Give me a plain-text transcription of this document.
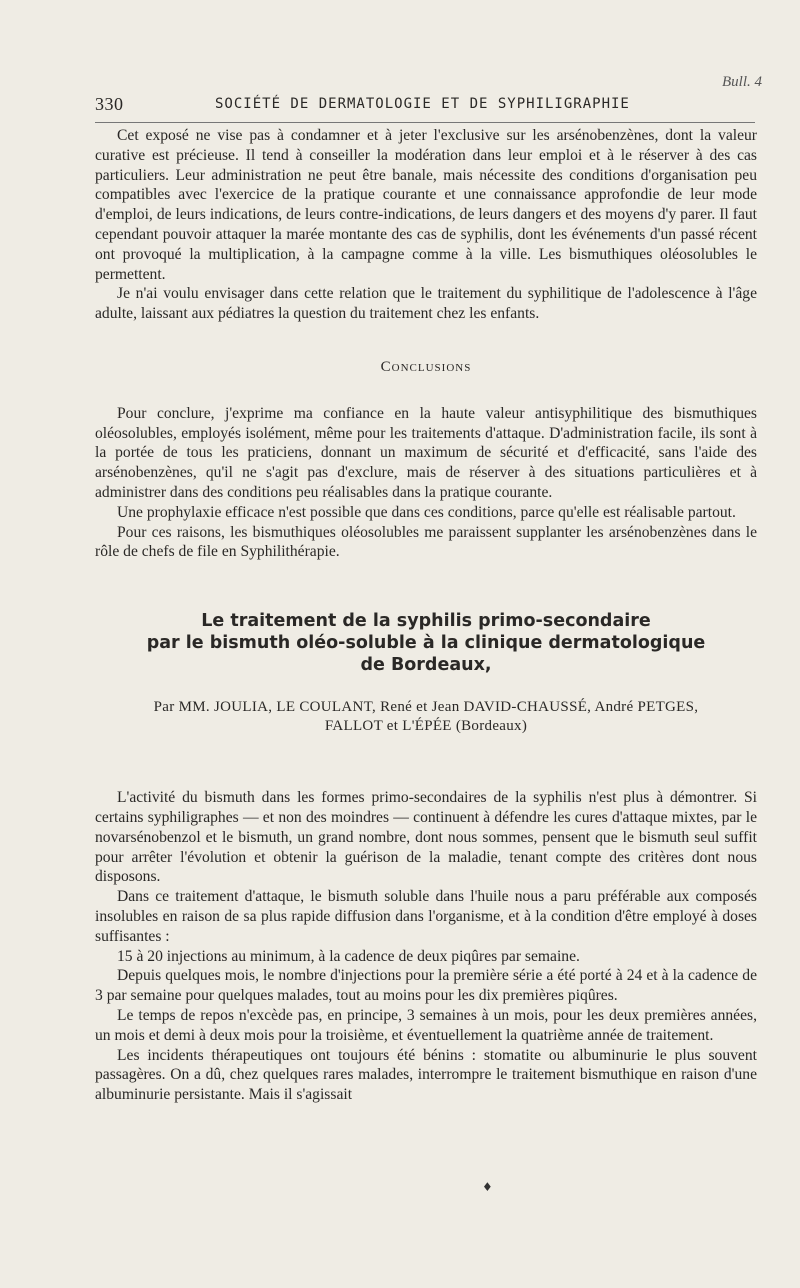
Bull. 4
330	SOCIÉTÉ DE DERMATOLOGIE ET DE SYPHILIGRAPHIE

Cet exposé ne vise pas à condamner et à jeter l'exclusive sur les arsénobenzènes, dont la valeur curative est précieuse. Il tend à conseiller la modération dans leur emploi et à le réserver à des cas particuliers. Leur administration ne peut être banale, mais nécessite des conditions d'organisation peu compatibles avec l'exercice de la pratique courante et une connaissance approfondie de leur mode d'emploi, de leurs indications, de leurs contre-indications, de leurs dangers et des moyens d'y parer. Il faut cependant pouvoir attaquer la marée montante des cas de syphilis, dont les événements d'un passé récent ont provoqué la multiplication, à la campagne comme à la ville. Les bismuthiques oléosolubles le permettent.

Je n'ai voulu envisager dans cette relation que le traitement du syphilitique de l'adolescence à l'âge adulte, laissant aux pédiatres la question du traitement chez les enfants.

Conclusions

Pour conclure, j'exprime ma confiance en la haute valeur antisyphilitique des bismuthiques oléosolubles, employés isolément, même pour les traitements d'attaque. D'administration facile, ils sont à la portée de tous les praticiens, donnant un maximum de sécurité et d'efficacité, sans l'aide des arsénobenzènes, qu'il ne s'agit pas d'exclure, mais de réserver à des situations particulières et à administrer dans des conditions peu réalisables dans la pratique courante.

Une prophylaxie efficace n'est possible que dans ces conditions, parce qu'elle est réalisable partout.

Pour ces raisons, les bismuthiques oléosolubles me paraissent supplanter les arsénobenzènes dans le rôle de chefs de file en Syphilithérapie.

Le traitement de la syphilis primo-secondaire
par le bismuth oléo-soluble à la clinique dermatologique
de Bordeaux,
Par MM. JOULIA, LE COULANT, René et Jean DAVID-CHAUSSÉ, André PETGES,
FALLOT et L'ÉPÉE (Bordeaux)

L'activité du bismuth dans les formes primo-secondaires de la syphilis n'est plus à démontrer. Si certains syphiligraphes — et non des moindres — continuent à défendre les cures d'attaque mixtes, par le novarsénobenzol et le bismuth, un grand nombre, dont nous sommes, pensent que le bismuth seul suffit pour arrêter l'évolution et obtenir la guérison de la maladie, tenant compte des critères dont nous disposons.

Dans ce traitement d'attaque, le bismuth soluble dans l'huile nous a paru préférable aux composés insolubles en raison de sa plus rapide diffusion dans l'organisme, et à la condition d'être employé à doses suffisantes :

15 à 20 injections au minimum, à la cadence de deux piqûres par semaine.

Depuis quelques mois, le nombre d'injections pour la première série a été porté à 24 et à la cadence de 3 par semaine pour quelques malades, tout au moins pour les dix premières piqûres.

Le temps de repos n'excède pas, en principe, 3 semaines à un mois, pour les deux premières années, un mois et demi à deux mois pour la troisième, et éventuellement la quatrième année de traitement.

Les incidents thérapeutiques ont toujours été bénins : stomatite ou albuminurie le plus souvent passagères. On a dû, chez quelques rares malades, interrompre le traitement bismuthique en raison d'une albuminurie persistante. Mais il s'agissait

♦
